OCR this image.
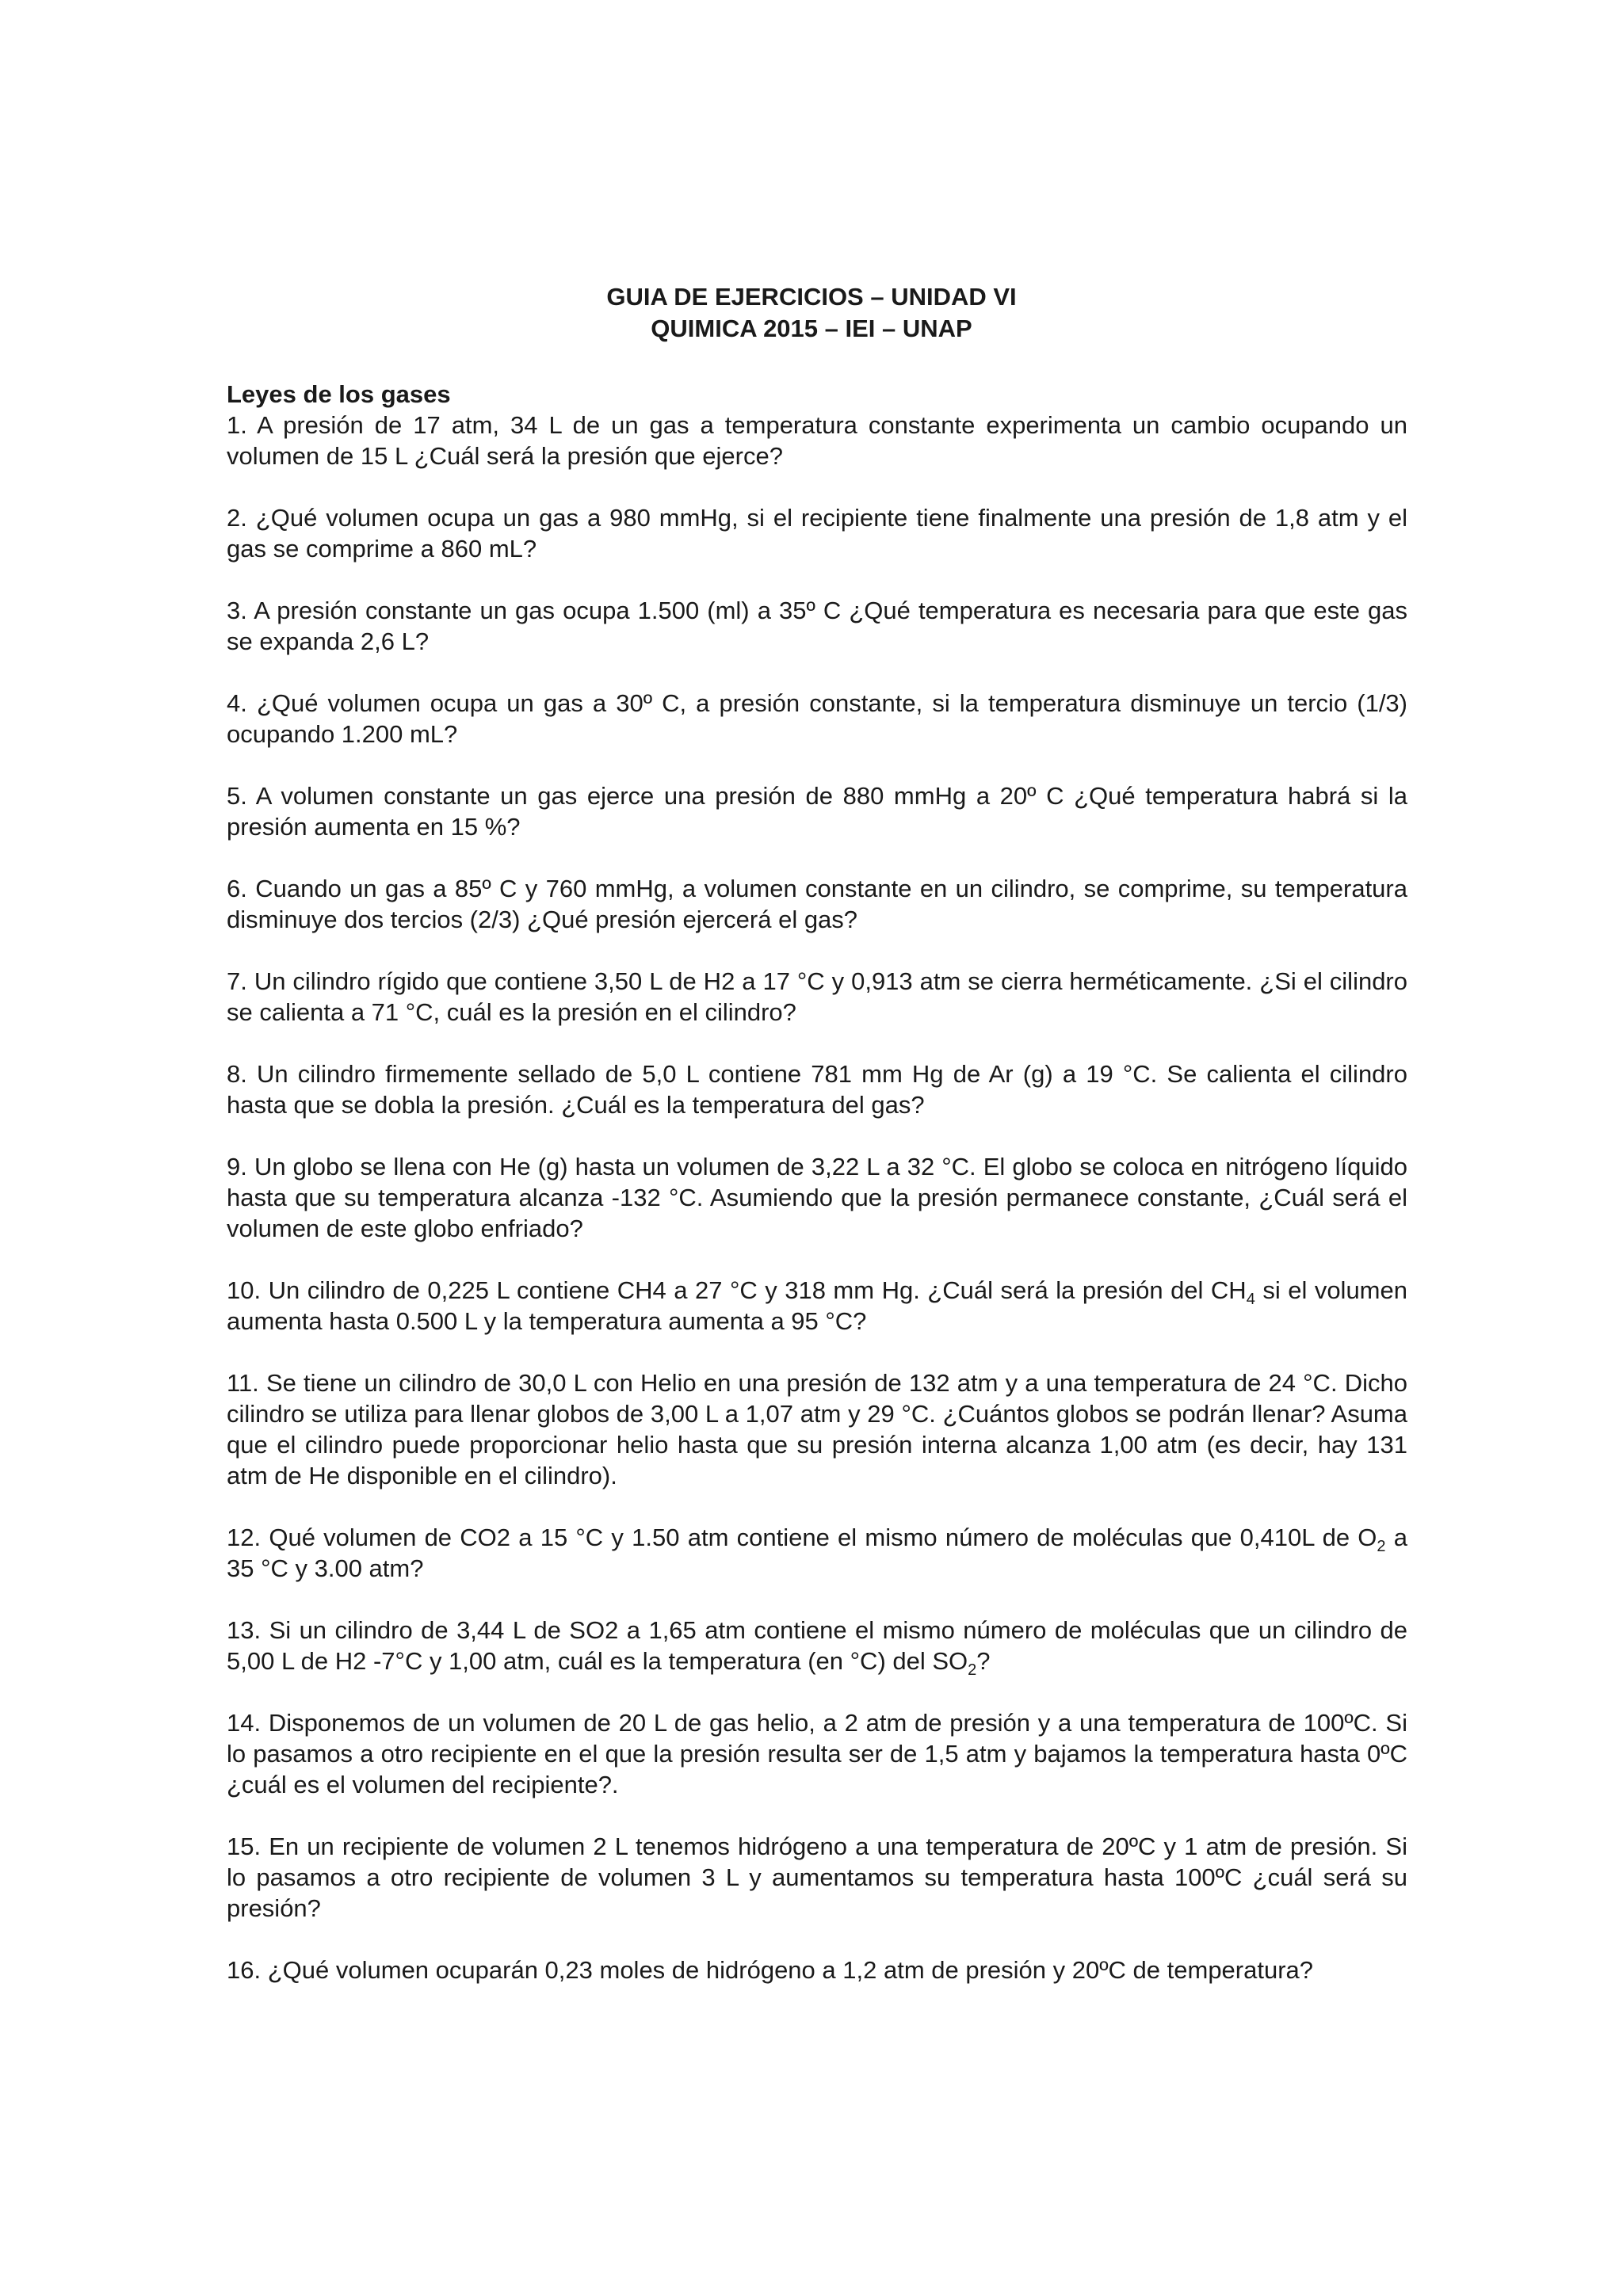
GUIA DE EJERCICIOS – UNIDAD VI
QUIMICA 2015 – IEI – UNAP

Leyes de los gases

1. A presión de 17 atm, 34 L de un gas a temperatura constante experimenta un cambio ocupando un volumen de 15 L ¿Cuál será la presión que ejerce?

2. ¿Qué volumen ocupa un gas a 980 mmHg, si el recipiente tiene finalmente una presión de 1,8 atm y el gas se comprime a 860 mL?

3. A presión constante un gas ocupa 1.500 (ml) a 35º C ¿Qué temperatura es necesaria para que este gas se expanda 2,6 L?

4. ¿Qué volumen ocupa un gas a 30º C, a presión constante, si la temperatura disminuye un tercio (1/3) ocupando 1.200 mL?

5. A volumen constante un gas ejerce una presión de 880 mmHg a 20º C ¿Qué temperatura habrá si la presión aumenta en 15 %?

6. Cuando un gas a 85º C y 760 mmHg, a volumen constante en un cilindro, se comprime, su temperatura disminuye dos tercios (2/3) ¿Qué presión ejercerá el gas?

7. Un cilindro rígido que contiene 3,50 L de H2 a 17 °C y 0,913 atm se cierra herméticamente. ¿Si el cilindro se calienta a 71 °C, cuál es la presión en el cilindro?

8. Un cilindro firmemente sellado de 5,0 L contiene 781 mm Hg de Ar (g) a 19 °C. Se calienta el cilindro hasta que se dobla la presión. ¿Cuál es la temperatura del gas?

9. Un globo se llena con He (g) hasta un volumen de 3,22 L a 32 °C. El globo se coloca en nitrógeno líquido hasta que su temperatura alcanza -132 °C. Asumiendo que la presión permanece constante, ¿Cuál será el volumen de este globo enfriado?

10. Un cilindro de 0,225 L contiene CH4 a 27 °C y 318 mm Hg. ¿Cuál será la presión del $CH_4$ si el volumen aumenta hasta 0.500 L y la temperatura aumenta a 95 °C?

11. Se tiene un cilindro de 30,0 L con Helio en una presión de 132 atm y a una temperatura de 24 °C. Dicho cilindro se utiliza para llenar globos de 3,00 L a 1,07 atm y 29 °C. ¿Cuántos globos se podrán llenar? Asuma que el cilindro puede proporcionar helio hasta que su presión interna alcanza 1,00 atm (es decir, hay 131 atm de He disponible en el cilindro).

12. Qué volumen de CO2 a 15 °C y 1.50 atm contiene el mismo número de moléculas que 0,410L de $O_2$ a 35 °C y 3.00 atm?

13. Si un cilindro de 3,44 L de SO2 a 1,65 atm contiene el mismo número de moléculas que un cilindro de 5,00 L de H2 -7°C y 1,00 atm, cuál es la temperatura (en °C) del $SO_2$?

14. Disponemos de un volumen de 20 L de gas helio, a 2 atm de presión y a una temperatura de 100ºC. Si lo pasamos a otro recipiente en el que la presión resulta ser de 1,5 atm y bajamos la temperatura hasta 0ºC ¿cuál es el volumen del recipiente?.

15. En un recipiente de volumen 2 L tenemos hidrógeno a una temperatura de 20ºC y 1 atm de presión. Si lo pasamos a otro recipiente de volumen 3 L y aumentamos su temperatura hasta 100ºC ¿cuál será su presión?

16. ¿Qué volumen ocuparán 0,23 moles de hidrógeno a 1,2 atm de presión y 20ºC de temperatura?
